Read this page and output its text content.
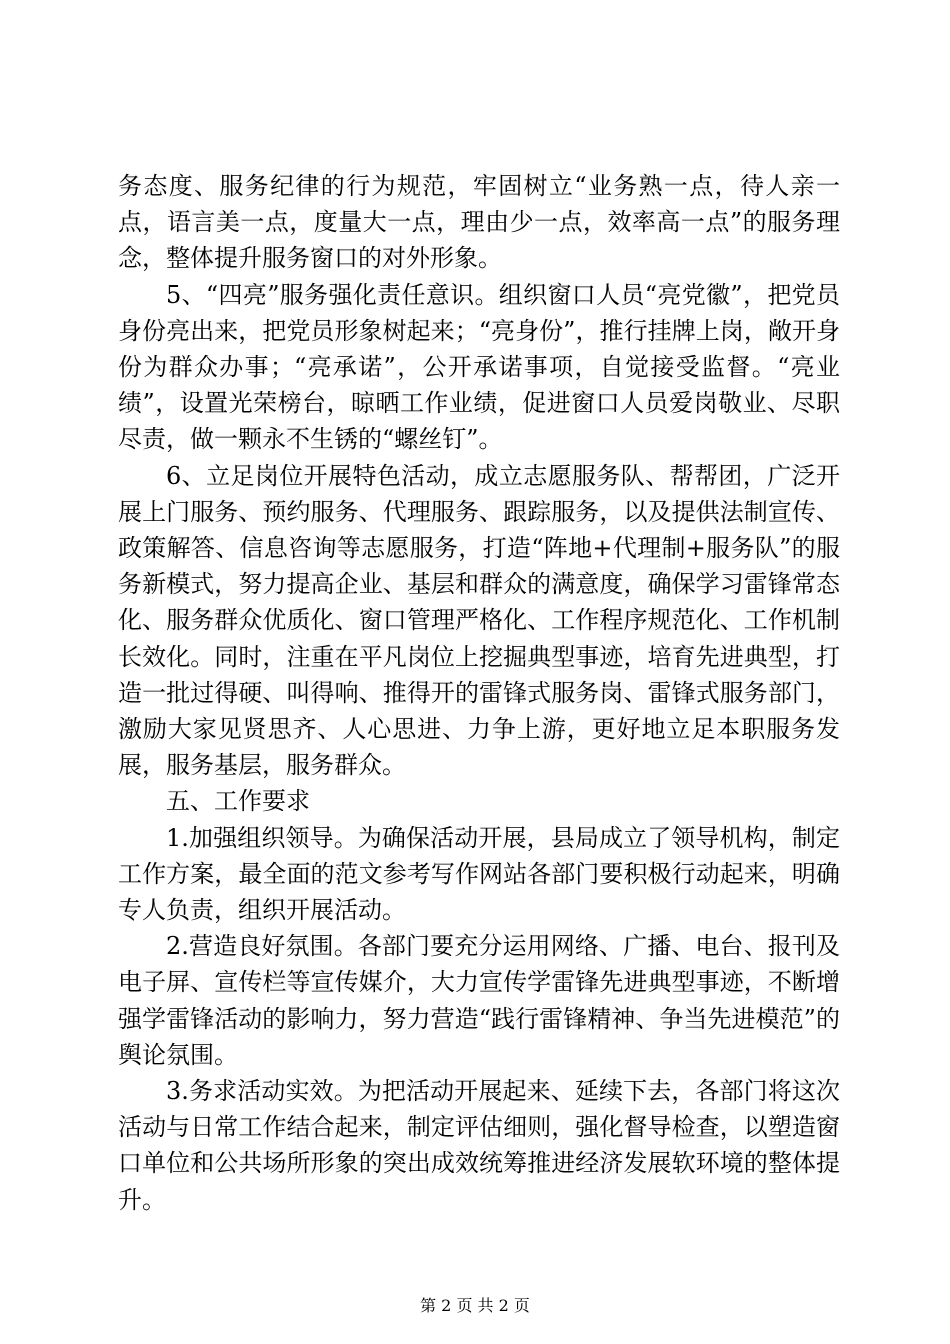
务态度、服务纪律的行为规范，牢固树立“业务熟一点，待人亲一点，语言美一点，度量大一点，理由少一点，效率高一点”的服务理念，整体提升服务窗口的对外形象。

5、“四亮”服务强化责任意识。组织窗口人员“亮党徽”，把党员身份亮出来，把党员形象树起来；“亮身份”，推行挂牌上岗，敞开身份为群众办事；“亮承诺”，公开承诺事项，自觉接受监督。“亮业绩”，设置光荣榜台，晾晒工作业绩，促进窗口人员爱岗敬业、尽职尽责，做一颗永不生锈的“螺丝钉”。

6、立足岗位开展特色活动，成立志愿服务队、帮帮团，广泛开展上门服务、预约服务、代理服务、跟踪服务，以及提供法制宣传、政策解答、信息咨询等志愿服务，打造“阵地+代理制+服务队”的服务新模式，努力提高企业、基层和群众的满意度，确保学习雷锋常态化、服务群众优质化、窗口管理严格化、工作程序规范化、工作机制长效化。同时，注重在平凡岗位上挖掘典型事迹，培育先进典型，打造一批过得硬、叫得响、推得开的雷锋式服务岗、雷锋式服务部门，激励大家见贤思齐、人心思进、力争上游，更好地立足本职服务发展，服务基层，服务群众。

五、工作要求

1.加强组织领导。为确保活动开展，县局成立了领导机构，制定工作方案，最全面的范文参考写作网站各部门要积极行动起来，明确专人负责，组织开展活动。

2.营造良好氛围。各部门要充分运用网络、广播、电台、报刊及电子屏、宣传栏等宣传媒介，大力宣传学雷锋先进典型事迹，不断增强学雷锋活动的影响力，努力营造“践行雷锋精神、争当先进模范”的舆论氛围。

3.务求活动实效。为把活动开展起来、延续下去，各部门将这次活动与日常工作结合起来，制定评估细则，强化督导检查，以塑造窗口单位和公共场所形象的突出成效统筹推进经济发展软环境的整体提升。

第 2 页 共 2 页
